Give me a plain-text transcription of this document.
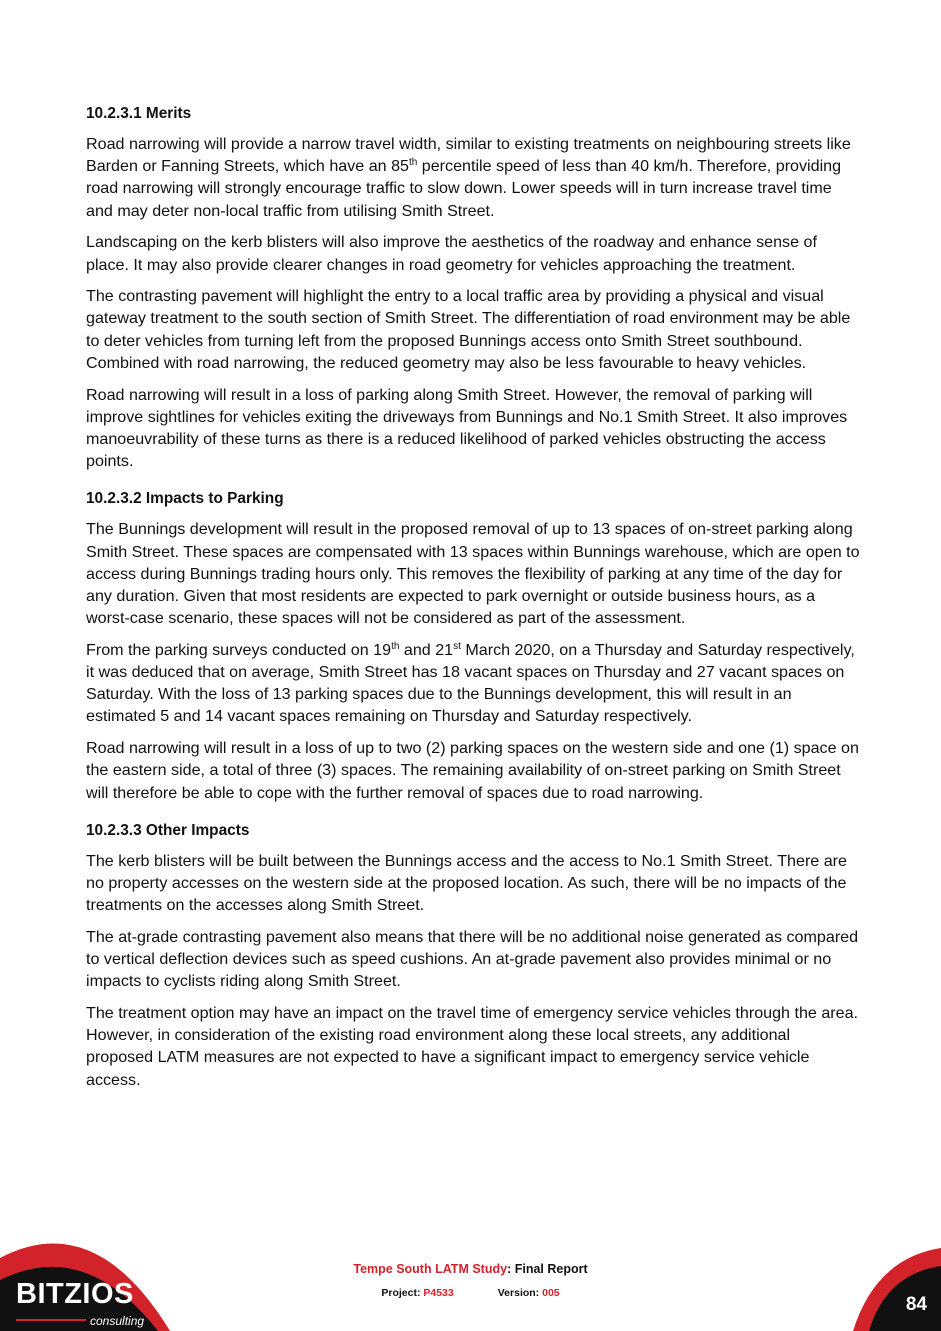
10.2.3.1 Merits

Road narrowing will provide a narrow travel width, similar to existing treatments on neighbouring streets like Barden or Fanning Streets, which have an 85th percentile speed of less than 40 km/h. Therefore, providing road narrowing will strongly encourage traffic to slow down. Lower speeds will in turn increase travel time and may deter non-local traffic from utilising Smith Street.

Landscaping on the kerb blisters will also improve the aesthetics of the roadway and enhance sense of place. It may also provide clearer changes in road geometry for vehicles approaching the treatment.

The contrasting pavement will highlight the entry to a local traffic area by providing a physical and visual gateway treatment to the south section of Smith Street. The differentiation of road environment may be able to deter vehicles from turning left from the proposed Bunnings access onto Smith Street southbound. Combined with road narrowing, the reduced geometry may also be less favourable to heavy vehicles.

Road narrowing will result in a loss of parking along Smith Street. However, the removal of parking will improve sightlines for vehicles exiting the driveways from Bunnings and No.1 Smith Street. It also improves manoeuvrability of these turns as there is a reduced likelihood of parked vehicles obstructing the access points.

10.2.3.2 Impacts to Parking

The Bunnings development will result in the proposed removal of up to 13 spaces of on-street parking along Smith Street. These spaces are compensated with 13 spaces within Bunnings warehouse, which are open to access during Bunnings trading hours only. This removes the flexibility of parking at any time of the day for any duration. Given that most residents are expected to park overnight or outside business hours, as a worst-case scenario, these spaces will not be considered as part of the assessment.

From the parking surveys conducted on 19th and 21st March 2020, on a Thursday and Saturday respectively, it was deduced that on average, Smith Street has 18 vacant spaces on Thursday and 27 vacant spaces on Saturday. With the loss of 13 parking spaces due to the Bunnings development, this will result in an estimated 5 and 14 vacant spaces remaining on Thursday and Saturday respectively.

Road narrowing will result in a loss of up to two (2) parking spaces on the western side and one (1) space on the eastern side, a total of three (3) spaces. The remaining availability of on-street parking on Smith Street will therefore be able to cope with the further removal of spaces due to road narrowing.

10.2.3.3 Other Impacts

The kerb blisters will be built between the Bunnings access and the access to No.1 Smith Street. There are no property accesses on the western side at the proposed location. As such, there will be no impacts of the treatments on the accesses along Smith Street.

The at-grade contrasting pavement also means that there will be no additional noise generated as compared to vertical deflection devices such as speed cushions. An at-grade pavement also provides minimal or no impacts to cyclists riding along Smith Street.

The treatment option may have an impact on the travel time of emergency service vehicles through the area. However, in consideration of the existing road environment along these local streets, any additional proposed LATM measures are not expected to have a significant impact to emergency service vehicle access.

BITZIOS
consulting
Tempe South LATM Study: Final Report
Project: P4533	Version: 005
84
